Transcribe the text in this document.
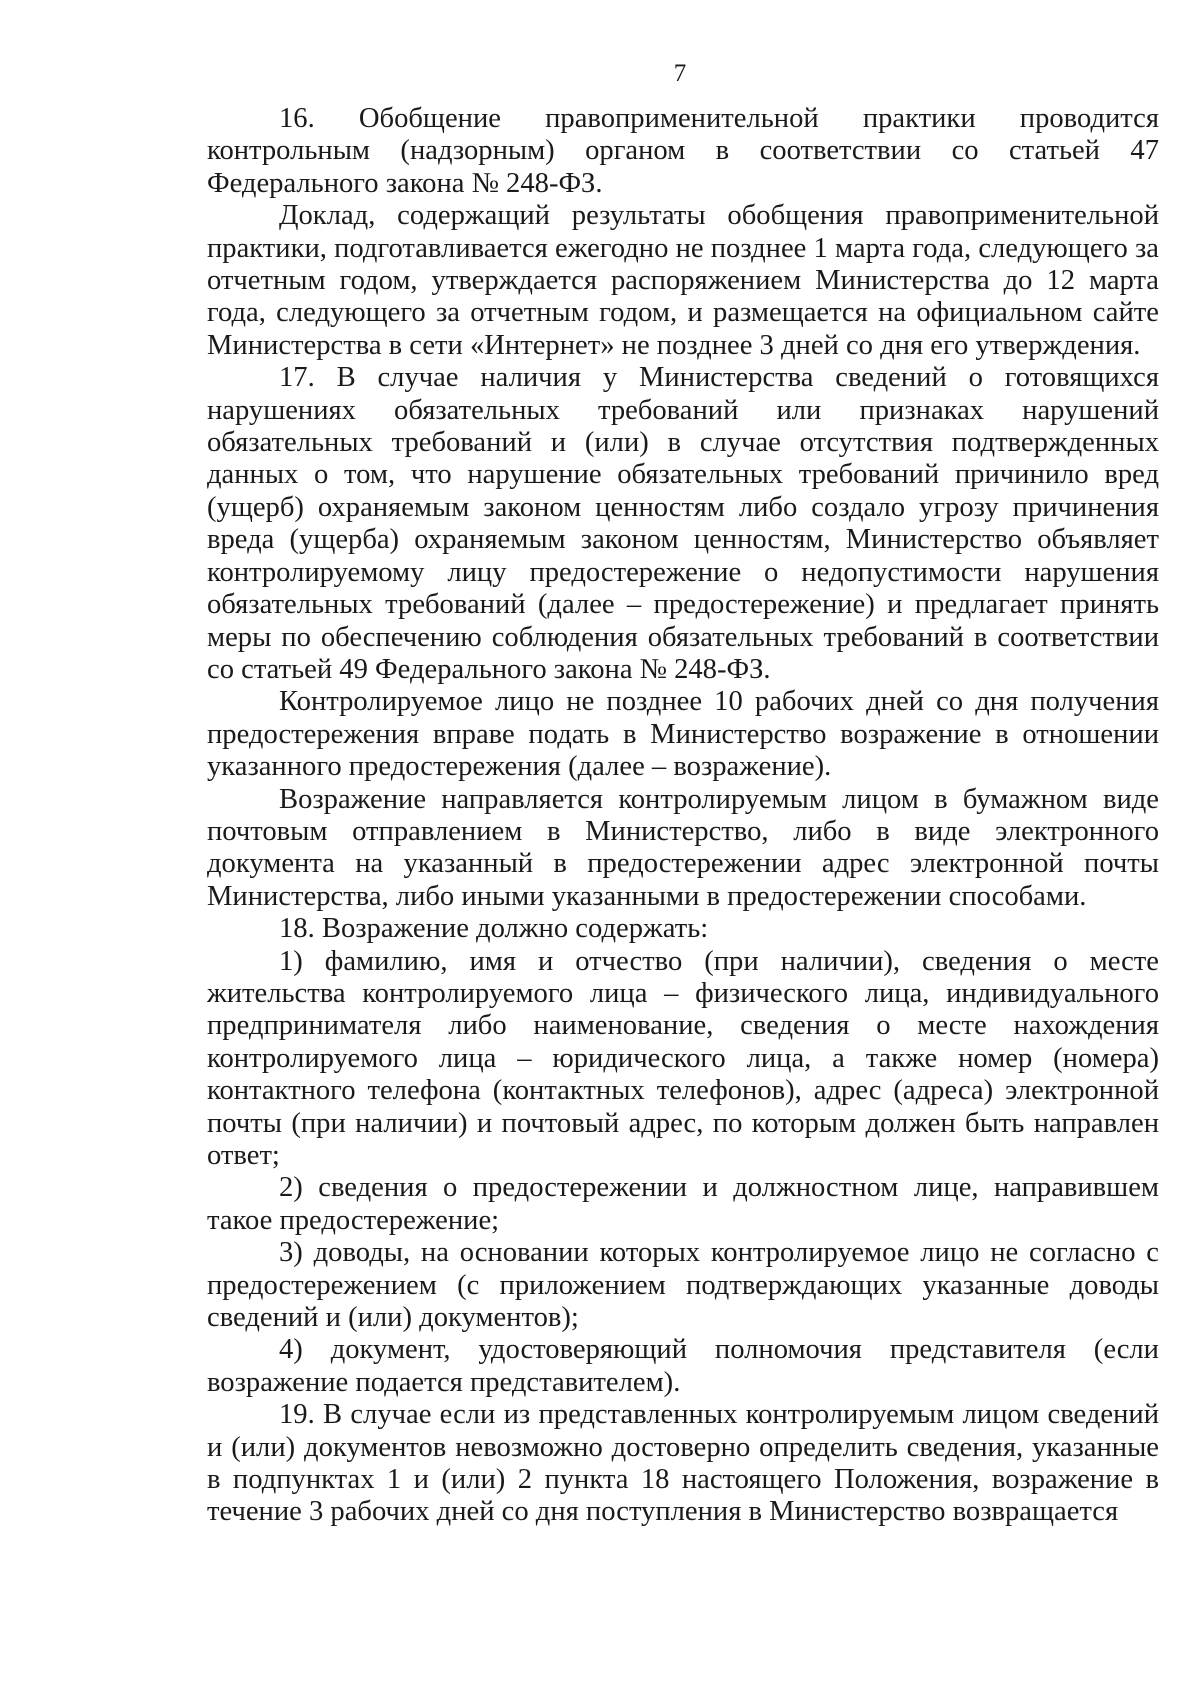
7

16. Обобщение правоприменительной практики проводится контрольным (надзорным) органом в соответствии со статьей 47 Федерального закона № 248-ФЗ.

Доклад, содержащий результаты обобщения правоприменительной практики, подготавливается ежегодно не позднее 1 марта года, следующего за отчетным годом, утверждается распоряжением Министерства до 12 марта года, следующего за отчетным годом, и размещается на официальном сайте Министерства в сети «Интернет» не позднее 3 дней со дня его утверждения.

17. В случае наличия у Министерства сведений о готовящихся нарушениях обязательных требований или признаках нарушений обязательных требований и (или) в случае отсутствия подтвержденных данных о том, что нарушение обязательных требований причинило вред (ущерб) охраняемым законом ценностям либо создало угрозу причинения вреда (ущерба) охраняемым законом ценностям, Министерство объявляет контролируемому лицу предостережение о недопустимости нарушения обязательных требований (далее – предостережение) и предлагает принять меры по обеспечению соблюдения обязательных требований в соответствии со статьей 49 Федерального закона № 248-ФЗ.

Контролируемое лицо не позднее 10 рабочих дней со дня получения предостережения вправе подать в Министерство возражение в отношении указанного предостережения (далее – возражение).

Возражение направляется контролируемым лицом в бумажном виде почтовым отправлением в Министерство, либо в виде электронного документа на указанный в предостережении адрес электронной почты Министерства, либо иными указанными в предостережении способами.

18. Возражение должно содержать:

1) фамилию, имя и отчество (при наличии), сведения о месте жительства контролируемого лица – физического лица, индивидуального предпринимателя либо наименование, сведения о месте нахождения контролируемого лица – юридического лица, а также номер (номера) контактного телефона (контактных телефонов), адрес (адреса) электронной почты (при наличии) и почтовый адрес, по которым должен быть направлен ответ;

2) сведения о предостережении и должностном лице, направившем такое предостережение;

3) доводы, на основании которых контролируемое лицо не согласно с предостережением (с приложением подтверждающих указанные доводы сведений и (или) документов);

4) документ, удостоверяющий полномочия представителя (если возражение подается представителем).

19. В случае если из представленных контролируемым лицом сведений и (или) документов невозможно достоверно определить сведения, указанные в подпунктах 1 и (или) 2 пункта 18 настоящего Положения, возражение в течение 3 рабочих дней со дня поступления в Министерство возвращается
